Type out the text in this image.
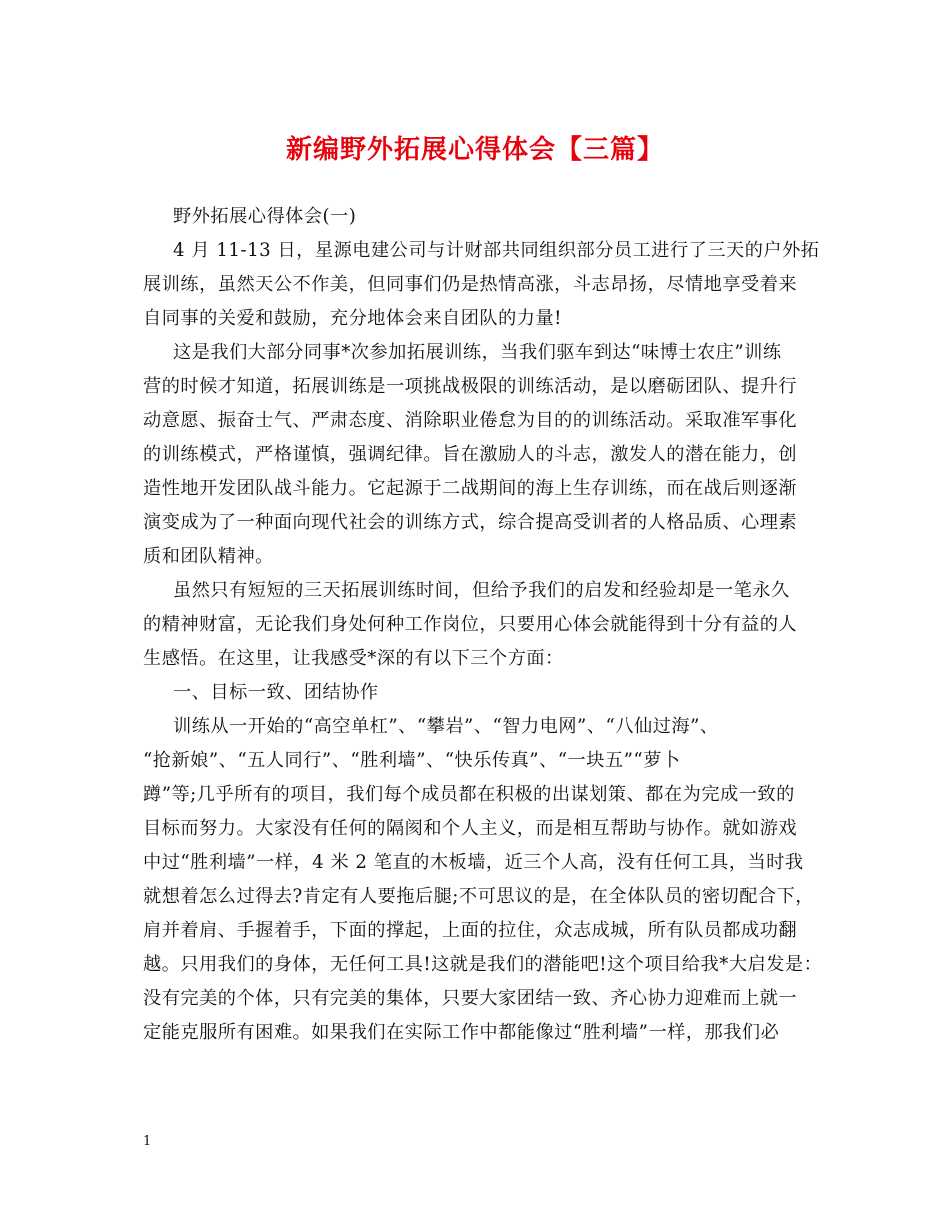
新编野外拓展心得体会【三篇】
野外拓展心得体会(一)
4 月 11-13 日，星源电建公司与计财部共同组织部分员工进行了三天的户外拓
展训练，虽然天公不作美，但同事们仍是热情高涨，斗志昂扬，尽情地享受着来
自同事的关爱和鼓励，充分地体会来自团队的力量!
这是我们大部分同事*次参加拓展训练，当我们驱车到达“味博士农庄”训练
营的时候才知道，拓展训练是一项挑战极限的训练活动，是以磨砺团队、提升行
动意愿、振奋士气、严肃态度、消除职业倦怠为目的的训练活动。采取准军事化
的训练模式，严格谨慎，强调纪律。旨在激励人的斗志，激发人的潜在能力，创
造性地开发团队战斗能力。它起源于二战期间的海上生存训练，而在战后则逐渐
演变成为了一种面向现代社会的训练方式，综合提高受训者的人格品质、心理素
质和团队精神。
虽然只有短短的三天拓展训练时间，但给予我们的启发和经验却是一笔永久
的精神财富，无论我们身处何种工作岗位，只要用心体会就能得到十分有益的人
生感悟。在这里，让我感受*深的有以下三个方面：
一、目标一致、团结协作
训练从一开始的“高空单杠”、“攀岩”、“智力电网”、“八仙过海”、
“抢新娘”、“五人同行”、“胜利墙”、“快乐传真”、“一块五”“萝卜
蹲”等;几乎所有的项目，我们每个成员都在积极的出谋划策、都在为完成一致的
目标而努力。大家没有任何的隔阂和个人主义，而是相互帮助与协作。就如游戏
中过“胜利墙”一样，4 米 2 笔直的木板墙，近三个人高，没有任何工具，当时我
就想着怎么过得去?肯定有人要拖后腿;不可思议的是，在全体队员的密切配合下，
肩并着肩、手握着手，下面的撑起，上面的拉住，众志成城，所有队员都成功翻
越。只用我们的身体，无任何工具!这就是我们的潜能吧!这个项目给我*大启发是：
没有完美的个体，只有完美的集体，只要大家团结一致、齐心协力迎难而上就一
定能克服所有困难。如果我们在实际工作中都能像过“胜利墙”一样，那我们必
1
